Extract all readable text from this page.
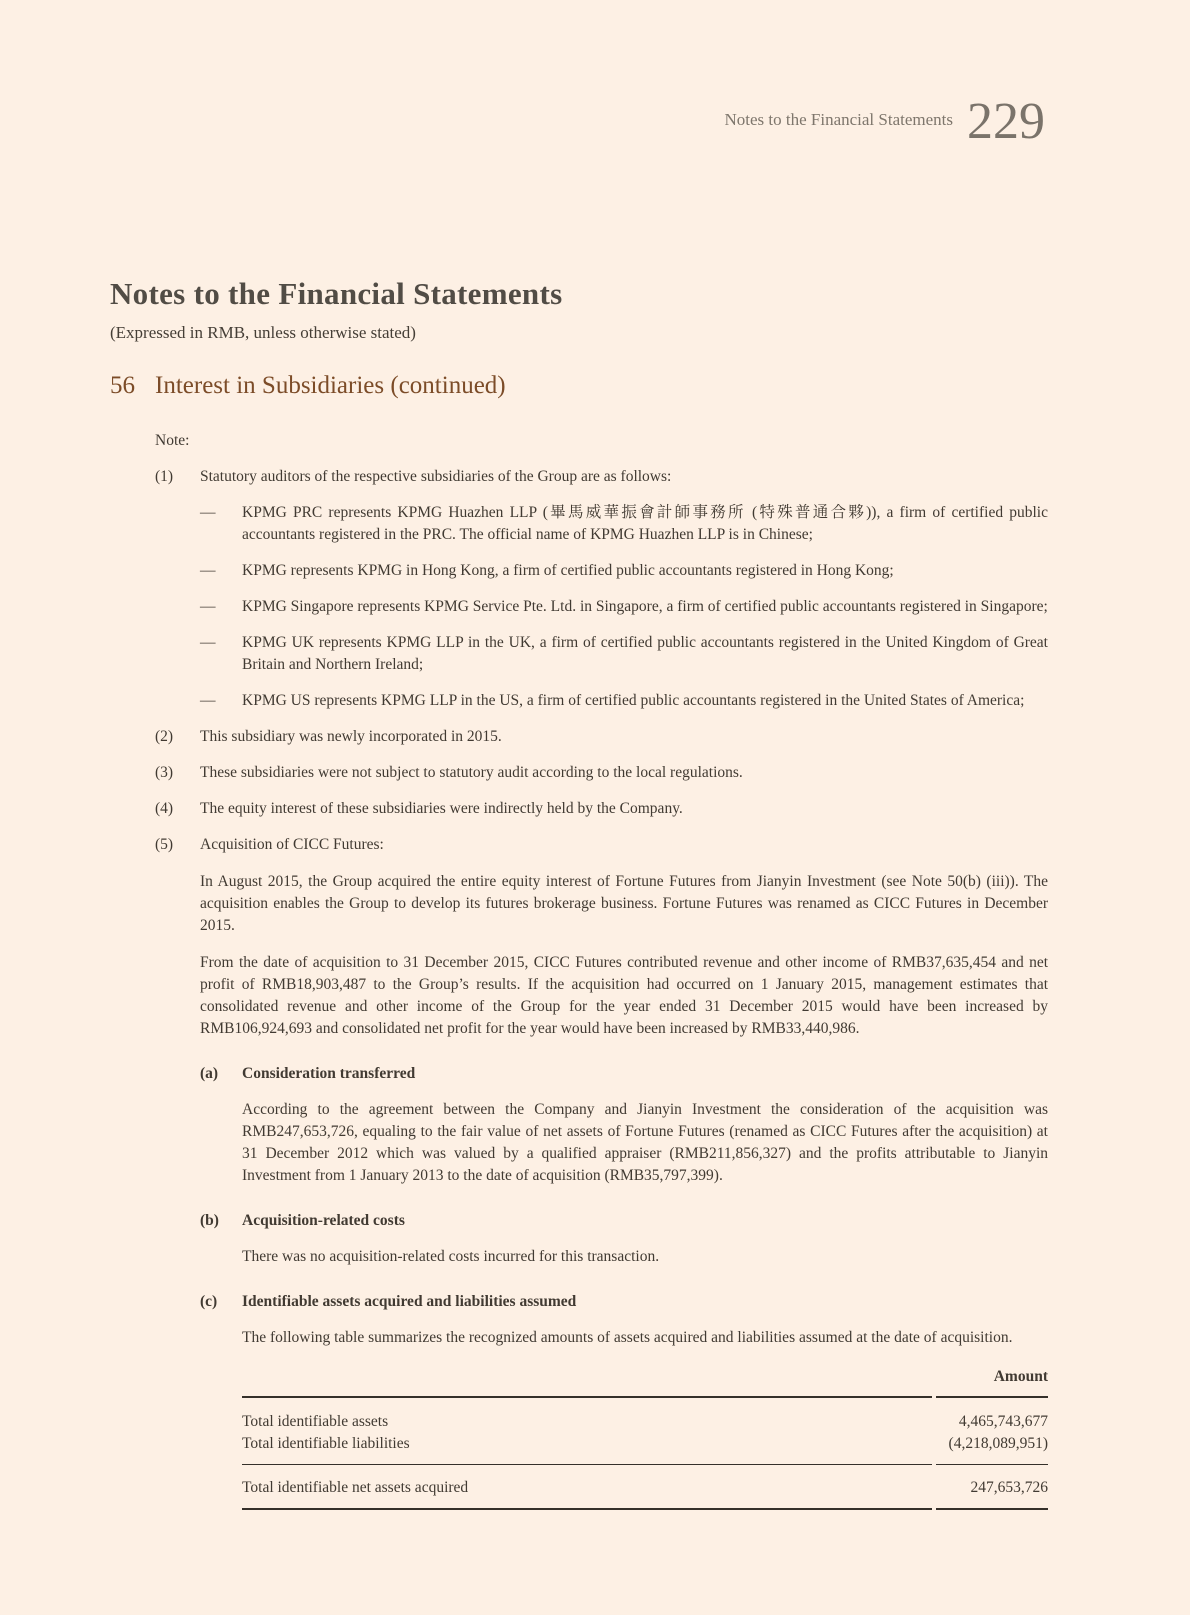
Notes to the Financial Statements 229
Notes to the Financial Statements

(Expressed in RMB, unless otherwise stated)

56 Interest in Subsidiaries (continued)

Note:

(1)	Statutory auditors of the respective subsidiaries of the Group are as follows:
—	KPMG PRC represents KPMG Huazhen LLP (畢馬威華振會計師事務所 (特殊普通合夥)), a firm of certified public accountants registered in the PRC. The official name of KPMG Huazhen LLP is in Chinese;
—	KPMG represents KPMG in Hong Kong, a firm of certified public accountants registered in Hong Kong;
—	KPMG Singapore represents KPMG Service Pte. Ltd. in Singapore, a firm of certified public accountants registered in Singapore;
—	KPMG UK represents KPMG LLP in the UK, a firm of certified public accountants registered in the United Kingdom of Great Britain and Northern Ireland;
—	KPMG US represents KPMG LLP in the US, a firm of certified public accountants registered in the United States of America;
(2)	This subsidiary was newly incorporated in 2015.
(3)	These subsidiaries were not subject to statutory audit according to the local regulations.
(4)	The equity interest of these subsidiaries were indirectly held by the Company.
(5)	Acquisition of CICC Futures:

In August 2015, the Group acquired the entire equity interest of Fortune Futures from Jianyin Investment (see Note 50(b) (iii)). The acquisition enables the Group to develop its futures brokerage business. Fortune Futures was renamed as CICC Futures in December 2015.

From the date of acquisition to 31 December 2015, CICC Futures contributed revenue and other income of RMB37,635,454 and net profit of RMB18,903,487 to the Group’s results. If the acquisition had occurred on 1 January 2015, management estimates that consolidated revenue and other income of the Group for the year ended 31 December 2015 would have been increased by RMB106,924,693 and consolidated net profit for the year would have been increased by RMB33,440,986.

(a)	Consideration transferred

According to the agreement between the Company and Jianyin Investment the consideration of the acquisition was RMB247,653,726, equaling to the fair value of net assets of Fortune Futures (renamed as CICC Futures after the acquisition) at 31 December 2012 which was valued by a qualified appraiser (RMB211,856,327) and the profits attributable to Jianyin Investment from 1 January 2013 to the date of acquisition (RMB35,797,399).

(b)	Acquisition-related costs

There was no acquisition-related costs incurred for this transaction.

(c)	Identifiable assets acquired and liabilities assumed

The following table summarizes the recognized amounts of assets acquired and liabilities assumed at the date of acquisition.

Amount
Total identifiable assets	4,465,743,677
Total identifiable liabilities	(4,218,089,951)
Total identifiable net assets acquired	247,653,726
